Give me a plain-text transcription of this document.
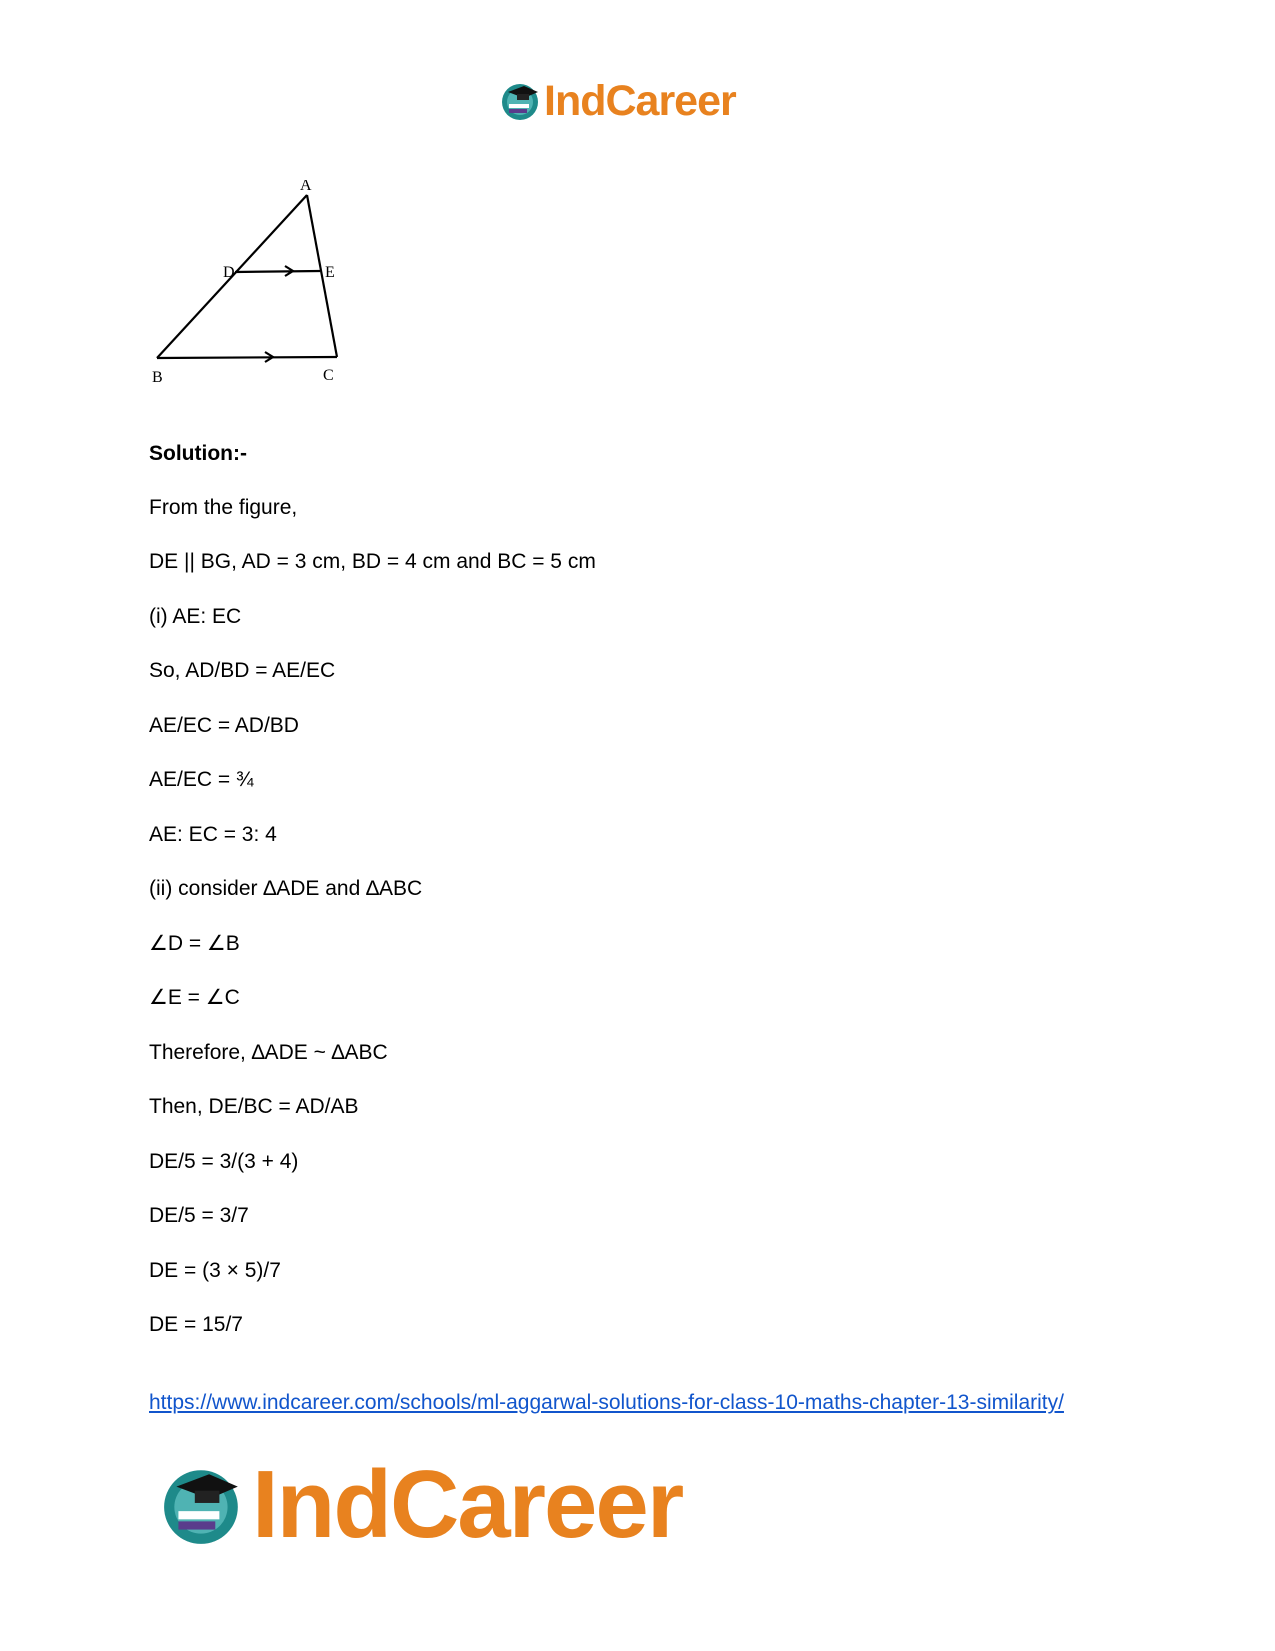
IndCareer
A
B	C
D	E
Solution:-
From the figure,
DE || BG, AD = 3 cm, BD = 4 cm and BC = 5 cm
(i) AE: EC
So, AD/BD = AE/EC
AE/EC = AD/BD
AE/EC = ¾
AE: EC = 3: 4
(ii) consider ∆ADE and ∆ABC
∠D = ∠B
∠E = ∠C
Therefore, ∆ADE ~ ∆ABC
Then, DE/BC = AD/AB
DE/5 = 3/(3 + 4)
DE/5 = 3/7
DE = (3 × 5)/7
DE = 15/7
https://www.indcareer.com/schools/ml-aggarwal-solutions-for-class-10-maths-chapter-13-similarity/
IndCareer
